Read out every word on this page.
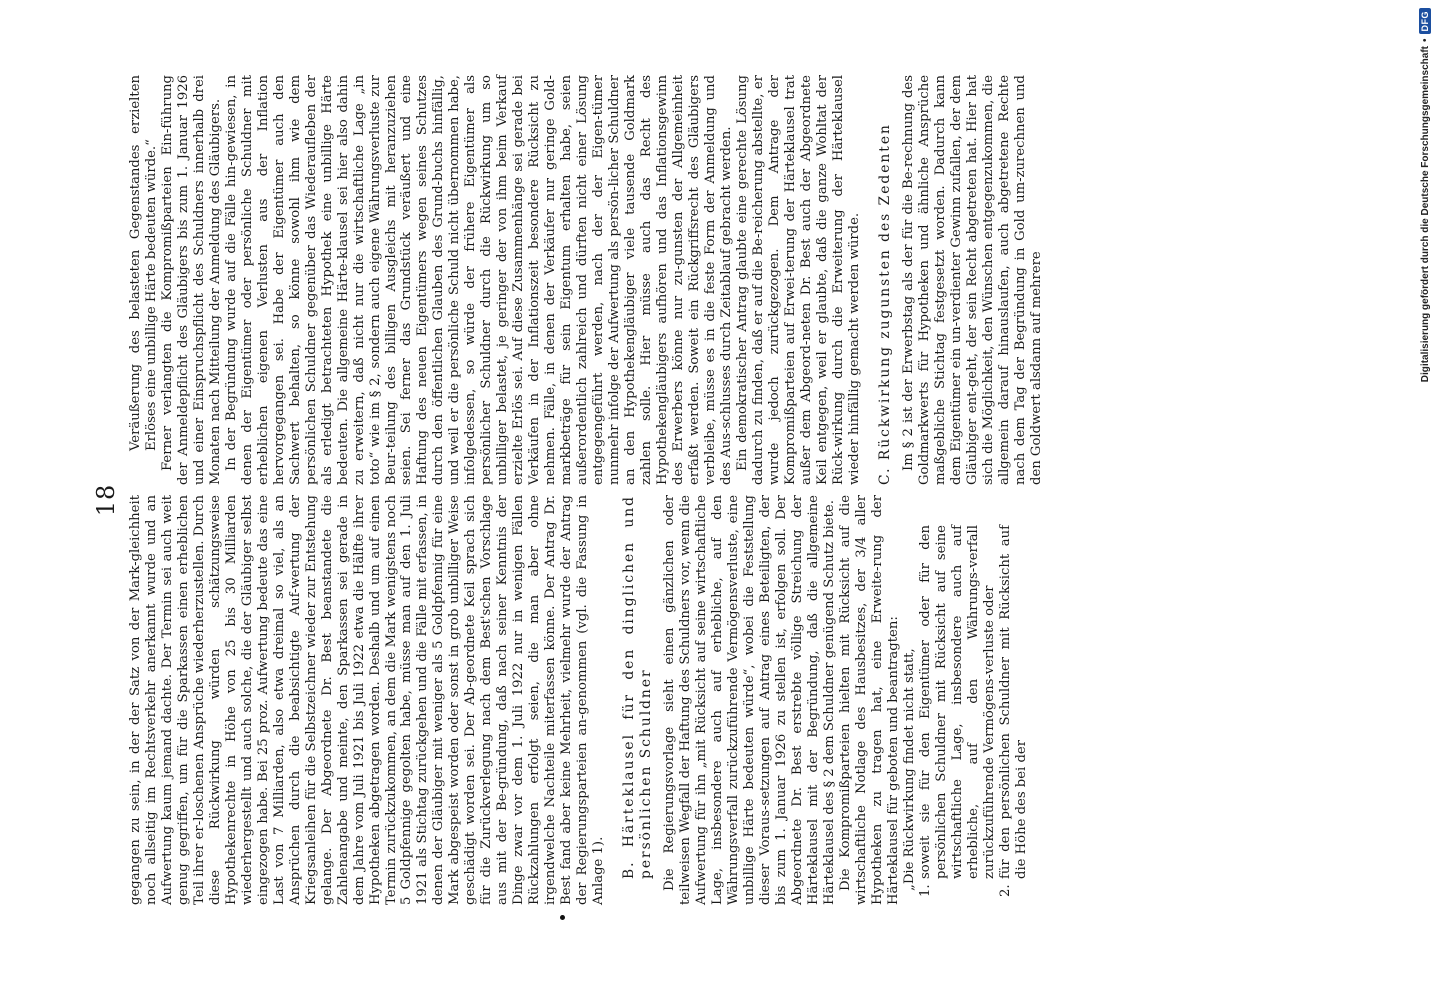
18 gegangen zu sein, in der der Satz von der Mark-gleichheit noch allseitig im Rechtsverkehr anerkannt wurde und an Aufwertung kaum jemand dachte. Der Termin sei auch weit genug gegriffen, um für die Sparkassen einen erheblichen Teil ihrer er-loschenen Ansprüche wiederherzustellen. Durch diese Rückwirkung würden schätzungsweise Hypothekenrechte in Höhe von 25 bis 30 Milliarden wiederhergestellt und auch solche, die der Gläubiger selbst eingezogen habe. Bei 25 proz. Aufwertung bedeute das eine Last von 7 Milliarden, also etwa dreimal so viel, als an Ansprüchen durch die beabsichtigte Auf-wertung der Kriegsanleihen für die Selbstzeichner wieder zur Entstehung gelange. Der Abgeordnete Dr. Best beanstandete die Zahlenangabe und meinte, den Sparkassen sei gerade in dem Jahre vom Juli 1921 bis Juli 1922 etwa die Hälfte ihrer Hypotheken abgetragen worden. Deshalb und um auf einen Termin zurückzukommen, an dem die Mark wenigstens noch 5 Goldpfennige gegolten habe, müsse man auf den 1. Juli 1921 als Stichtag zurückgehen und die Fälle mit erfassen, in denen der Gläubiger mit weniger als 5 Goldpfennig für eine Mark abgespeist worden oder sonst in grob unbilliger Weise geschädigt worden sei. Der Ab-geordnete Keil sprach sich für die Zurückverlegung nach dem Best'schen Vorschlage aus mit der Be-gründung, daß nach seiner Kenntnis der Dinge zwar vor dem 1. Juli 1922 nur in wenigen Fällen Rückzahlungen erfolgt seien, die man aber ohne irgendwelche Nachteile miterfassen könne. Der Antrag Dr. Best fand aber keine Mehrheit, vielmehr wurde der Antrag der Regierungsparteien an-genommen (vgl. die Fassung in Anlage 1). B. Härteklausel für den dinglichen und persönlichen Schuldner Die Regierungsvorlage sieht einen gänzlichen oder teilweisen Wegfall der Haftung des Schuldners vor, wenn die Aufwertung für ihn „mit Rücksicht auf seine wirtschaftliche Lage, insbesondere auch auf erhebliche, auf den Währungsverfall zurückzuführende Vermögensverluste, eine unbillige Härte bedeuten würde“, wobei die Feststellung dieser Voraus-setzungen auf Antrag eines Beteiligten, der bis zum 1. Januar 1926 zu stellen ist, erfolgen soll. Der Abgeordnete Dr. Best erstrebte völlige Streichung der Härteklausel mit der Begründung, daß die allgemeine Härteklausel des § 2 dem Schuldner genügend Schutz biete. Die Kompromißparteien hielten mit Rücksicht auf die wirtschaftliche Notlage des Hausbesitzes, der 3/4 aller Hypotheken zu tragen hat, eine Erweite-rung der Härteklausel für geboten und beantragten: „Die Rückwirkung findet nicht statt, 1.
soweit sie für den Eigentümer oder für den persönlichen Schuldner mit Rücksicht auf seine wirtschaftliche Lage, insbesondere auch auf erhebliche, auf den Währungs-verfall zurückzuführende Vermögens-verluste oder
2.
für den persönlichen Schuldner mit Rücksicht auf die Höhe des bei der

Veräußerung des belasteten Gegenstandes erzielten Erlöses eine unbillige Härte bedeuten würde.“ Ferner verlangten die Kompromißparteien Ein-führung der Anmeldepflicht des Gläubigers bis zum 1. Januar 1926 und einer Einspruchspflicht des Schuldners innerhalb drei Monaten nach Mitteilung der Anmeldung des Gläubigers. In der Begründung wurde auf die Fälle hin-gewiesen, in denen der Eigentümer oder persönliche Schuldner mit erheblichen eigenen Verlusten aus der Inflation hervorgegangen sei. Habe der Eigentümer auch den Sachwert behalten, so könne sowohl ihm wie dem persönlichen Schuldner gegenüber das Wiederaufleben der als erledigt betrachteten Hypothek eine unbillige Härte bedeuten. Die allgemeine Härte-klausel sei hier also dahin zu erweitern, daß nicht nur die wirtschaftliche Lage „in toto“ wie im § 2, sondern auch eigene Währungsverluste zur Beur-teilung des billigen Ausgleichs mit heranzuziehen seien. Sei ferner das Grundstück veräußert und eine Haftung des neuen Eigentümers wegen seines Schutzes durch den öffentlichen Glauben des Grund-buchs hinfällig, und weil er die persönliche Schuld nicht übernommen habe, infolgedessen, so würde der frühere Eigentümer als persönlicher Schuldner durch die Rückwirkung um so unbilliger belastet, je geringer der von ihm beim Verkauf erzielte Erlös sei. Auf diese Zusammenhänge sei gerade bei Verkäufen in der Inflationszeit besondere Rücksicht zu nehmen. Fälle, in denen der Verkäufer nur geringe Gold-markbeträge für sein Eigentum erhalten habe, seien außerordentlich zahlreich und dürften nicht einer Lösung entgegengeführt werden, nach der der Eigen-tümer nunmehr infolge der Aufwertung als persön-licher Schuldner an den Hypothekengläubiger viele tausende Goldmark zahlen solle. Hier müsse auch das Recht des Hypothekengläubigers aufhören und das Inflationsgewinn des Erwerbers könne nur zu-gunsten der Allgemeinheit erfaßt werden. Soweit ein Rückgriffsrecht des Gläubigers verbleibe, müsse es in die feste Form der Anmeldung und des Aus-schlusses durch Zeitablauf gebracht werden. Ein demokratischer Antrag glaubte eine gerechte Lösung dadurch zu finden, daß er auf die Be-reicherung abstellte, er wurde jedoch zurückgezogen. Dem Antrage der Kompromißparteien auf Erwei-terung der Härteklausel trat außer dem Abgeord-neten Dr. Best auch der Abgeordnete Keil entgegen, weil er glaubte, daß die ganze Wohltat der Rück-wirkung durch die Erweiterung der Härteklausel wieder hinfällig gemacht werden würde. C. Rückwirkung zugunsten des Zedenten Im § 2 ist der Erwerbstag als der für die Be-rechnung des Goldmarkwerts für Hypotheken und ähnliche Ansprüche maßgebliche Stichtag festgesetzt worden. Dadurch kann dem Eigentümer ein un-verdienter Gewinn zufallen, der dem Gläubiger ent-geht, der sein Recht abgetreten hat. Hier hat sich die Möglichkeit, den Wünschen entgegenzukommen, die allgemein darauf hinauslaufen, auch abgetretene Rechte nach dem Tag der Begründung in Gold um-zurechnen und den Goldwert alsdann auf mehrere	Digitalisierung gefördert durch die Deutsche Forschungsgemeinschaft
•
DFG
